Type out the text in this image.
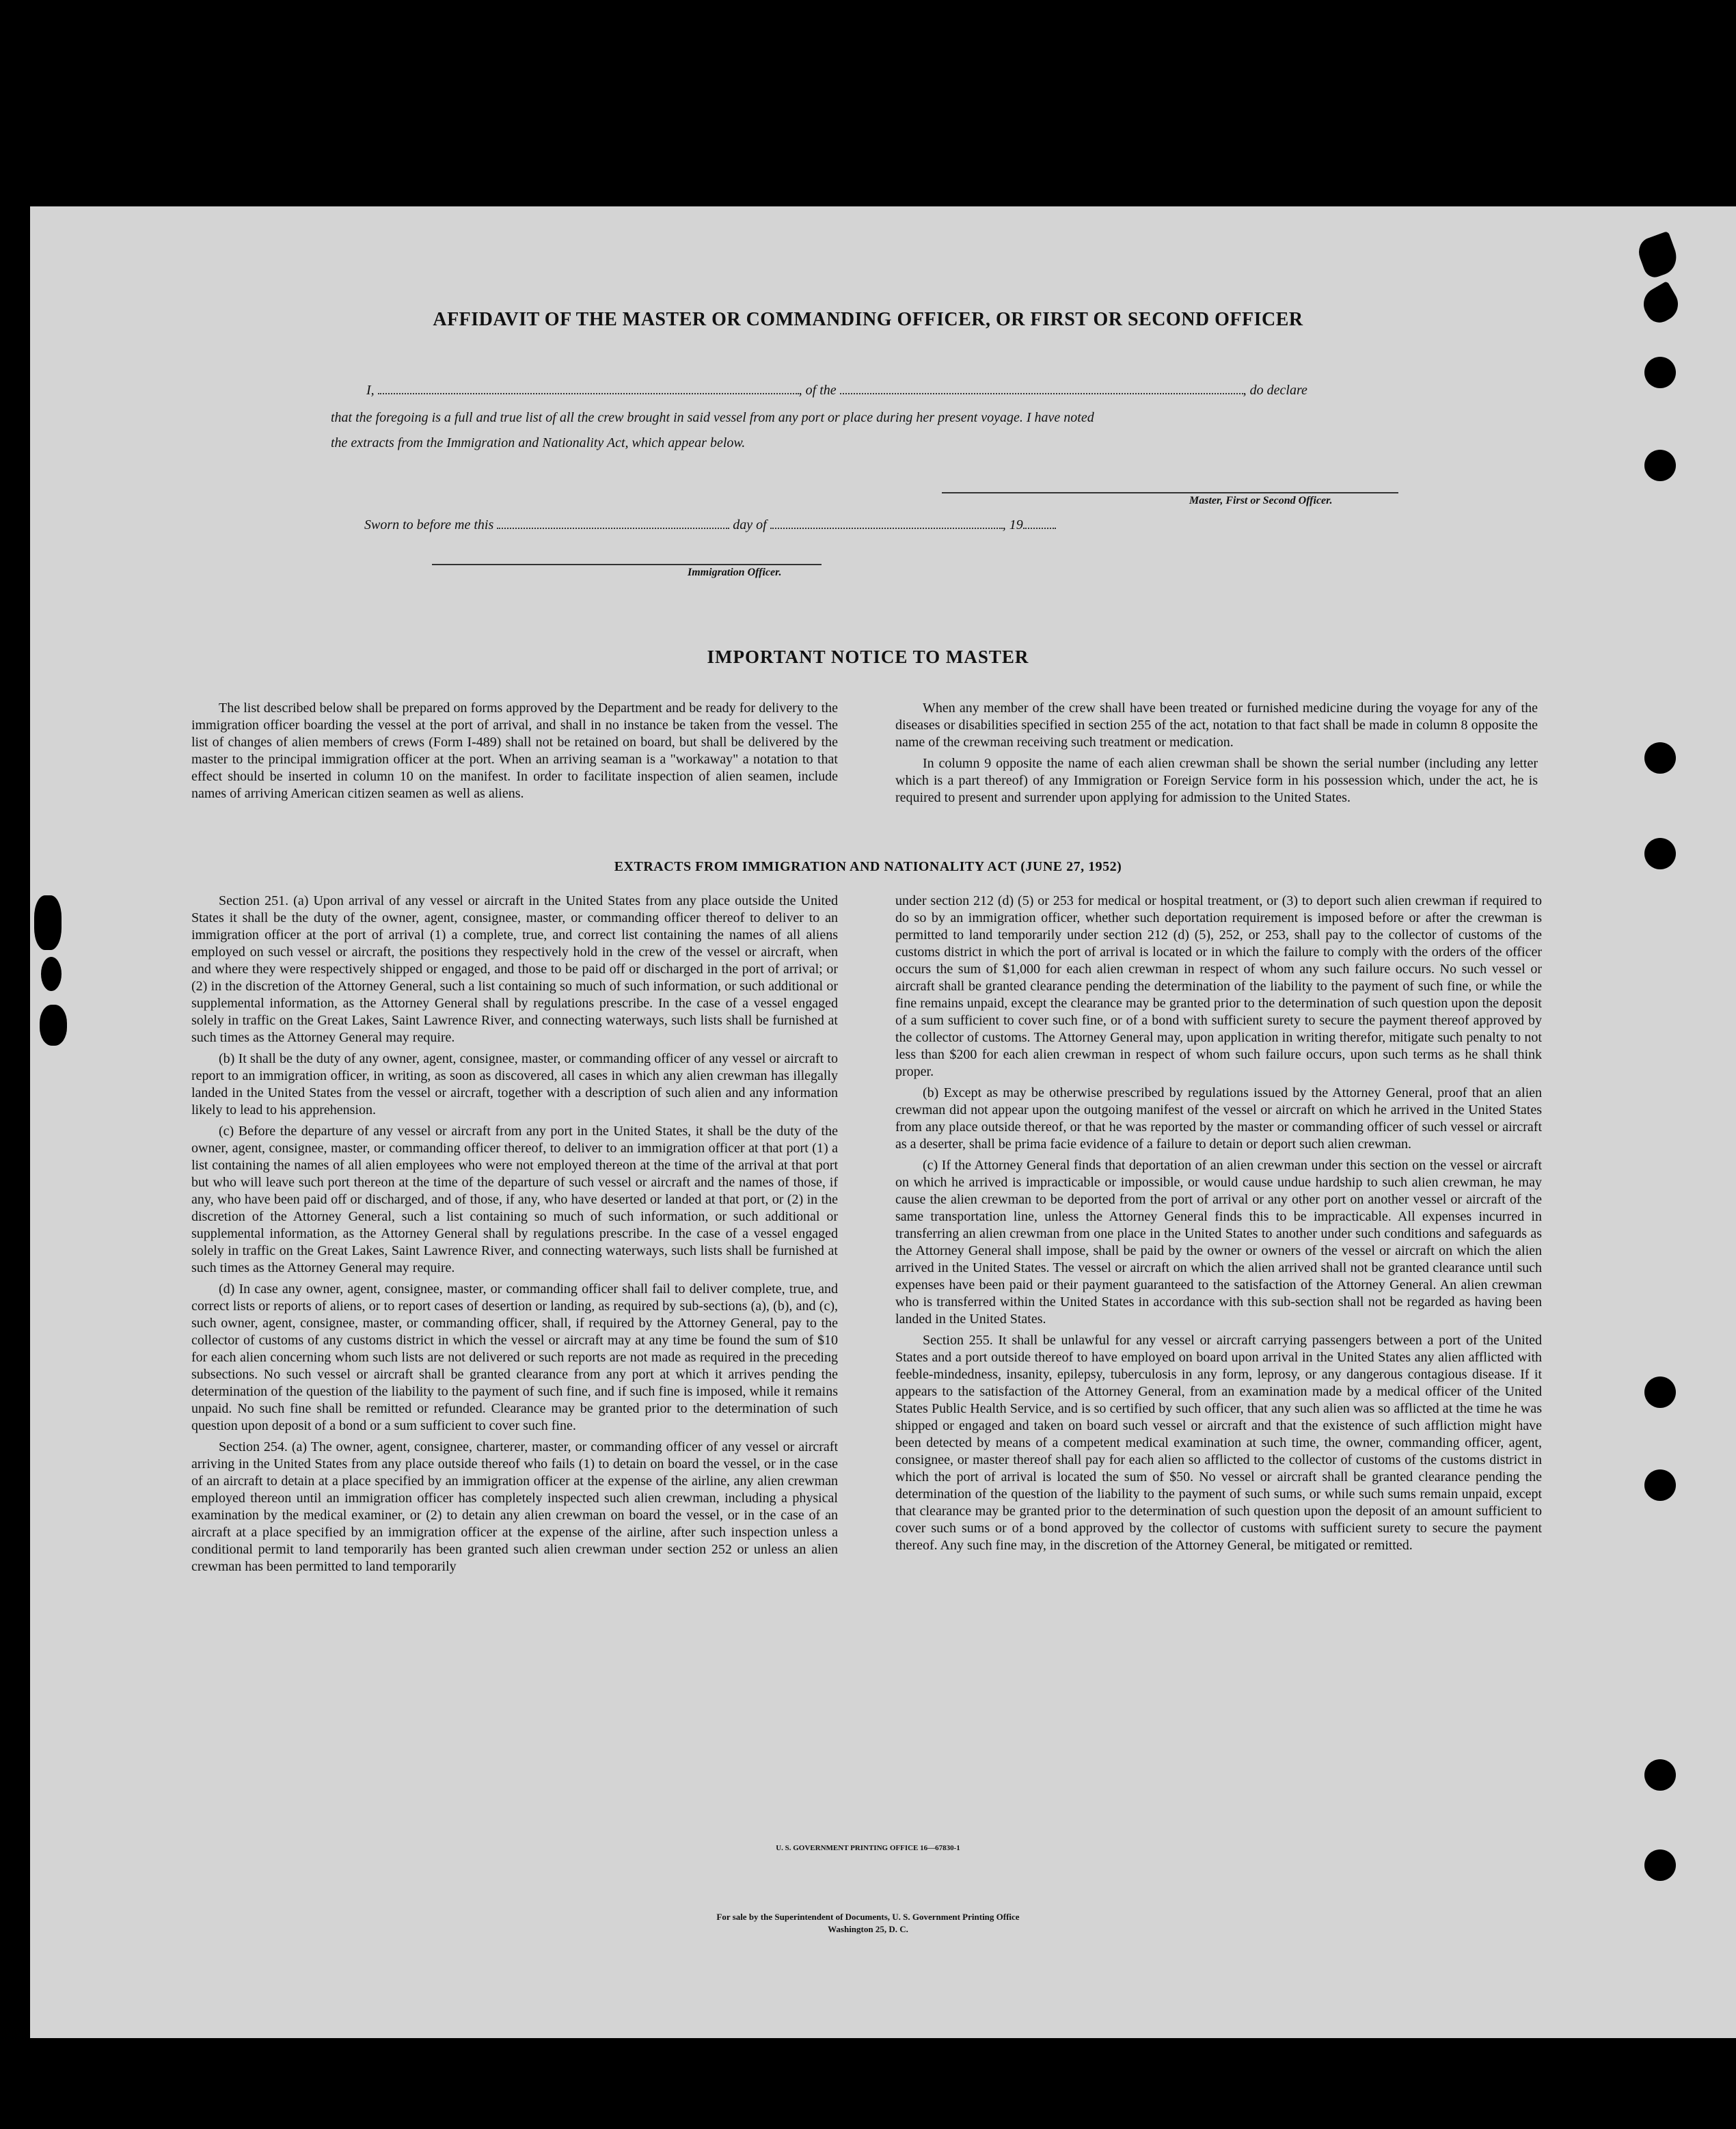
AFFIDAVIT OF THE MASTER OR COMMANDING OFFICER, OR FIRST OR SECOND OFFICER
I,	, of the	, do declare
that the foregoing is a full and true list of all the crew brought in said vessel from any port or place during her present voyage. I have noted
the extracts from the Immigration and Nationality Act, which appear below.
Master, First or Second Officer.
Sworn to before me this	day of	, 19
Immigration Officer.
IMPORTANT NOTICE TO MASTER

The list described below shall be prepared on forms approved by the Department and be ready for delivery to the immigration officer boarding the vessel at the port of arrival, and shall in no instance be taken from the vessel. The list of changes of alien members of crews (Form I-489) shall not be retained on board, but shall be delivered by the master to the principal immigration officer at the port. When an arriving seaman is a "workaway" a notation to that effect should be inserted in column 10 on the manifest. In order to facilitate inspection of alien seamen, include names of arriving American citizen seamen as well as aliens.

When any member of the crew shall have been treated or furnished medicine during the voyage for any of the diseases or disabilities specified in section 255 of the act, notation to that fact shall be made in column 8 opposite the name of the crewman receiving such treatment or medication.

In column 9 opposite the name of each alien crewman shall be shown the serial number (including any letter which is a part thereof) of any Immigration or Foreign Service form in his possession which, under the act, he is required to present and surrender upon applying for admission to the United States.

EXTRACTS FROM IMMIGRATION AND NATIONALITY ACT (JUNE 27, 1952)

Section 251. (a) Upon arrival of any vessel or aircraft in the United States from any place outside the United States it shall be the duty of the owner, agent, consignee, master, or commanding officer thereof to deliver to an immigration officer at the port of arrival (1) a complete, true, and correct list containing the names of all aliens employed on such vessel or aircraft, the positions they respectively hold in the crew of the vessel or aircraft, when and where they were respectively shipped or engaged, and those to be paid off or discharged in the port of arrival; or (2) in the discretion of the Attorney General, such a list containing so much of such information, or such additional or supplemental information, as the Attorney General shall by regulations prescribe. In the case of a vessel engaged solely in traffic on the Great Lakes, Saint Lawrence River, and connecting waterways, such lists shall be furnished at such times as the Attorney General may require.

(b) It shall be the duty of any owner, agent, consignee, master, or commanding officer of any vessel or aircraft to report to an immigration officer, in writing, as soon as discovered, all cases in which any alien crewman has illegally landed in the United States from the vessel or aircraft, together with a description of such alien and any information likely to lead to his apprehension.

(c) Before the departure of any vessel or aircraft from any port in the United States, it shall be the duty of the owner, agent, consignee, master, or commanding officer thereof, to deliver to an immigration officer at that port (1) a list containing the names of all alien employees who were not employed thereon at the time of the arrival at that port but who will leave such port thereon at the time of the departure of such vessel or aircraft and the names of those, if any, who have been paid off or discharged, and of those, if any, who have deserted or landed at that port, or (2) in the discretion of the Attorney General, such a list containing so much of such information, or such additional or supplemental information, as the Attorney General shall by regulations prescribe. In the case of a vessel engaged solely in traffic on the Great Lakes, Saint Lawrence River, and connecting waterways, such lists shall be furnished at such times as the Attorney General may require.

(d) In case any owner, agent, consignee, master, or commanding officer shall fail to deliver complete, true, and correct lists or reports of aliens, or to report cases of desertion or landing, as required by sub-sections (a), (b), and (c), such owner, agent, consignee, master, or commanding officer, shall, if required by the Attorney General, pay to the collector of customs of any customs district in which the vessel or aircraft may at any time be found the sum of $10 for each alien concerning whom such lists are not delivered or such reports are not made as required in the preceding subsections. No such vessel or aircraft shall be granted clearance from any port at which it arrives pending the determination of the question of the liability to the payment of such fine, and if such fine is imposed, while it remains unpaid. No such fine shall be remitted or refunded. Clearance may be granted prior to the determination of such question upon deposit of a bond or a sum sufficient to cover such fine.

Section 254. (a) The owner, agent, consignee, charterer, master, or commanding officer of any vessel or aircraft arriving in the United States from any place outside thereof who fails (1) to detain on board the vessel, or in the case of an aircraft to detain at a place specified by an immigration officer at the expense of the airline, any alien crewman employed thereon until an immigration officer has completely inspected such alien crewman, including a physical examination by the medical examiner, or (2) to detain any alien crewman on board the vessel, or in the case of an aircraft at a place specified by an immigration officer at the expense of the airline, after such inspection unless a conditional permit to land temporarily has been granted such alien crewman under section 252 or unless an alien crewman has been permitted to land temporarily

under section 212 (d) (5) or 253 for medical or hospital treatment, or (3) to deport such alien crewman if required to do so by an immigration officer, whether such deportation requirement is imposed before or after the crewman is permitted to land temporarily under section 212 (d) (5), 252, or 253, shall pay to the collector of customs of the customs district in which the port of arrival is located or in which the failure to comply with the orders of the officer occurs the sum of $1,000 for each alien crewman in respect of whom any such failure occurs. No such vessel or aircraft shall be granted clearance pending the determination of the liability to the payment of such fine, or while the fine remains unpaid, except the clearance may be granted prior to the determination of such question upon the deposit of a sum sufficient to cover such fine, or of a bond with sufficient surety to secure the payment thereof approved by the collector of customs. The Attorney General may, upon application in writing therefor, mitigate such penalty to not less than $200 for each alien crewman in respect of whom such failure occurs, upon such terms as he shall think proper.

(b) Except as may be otherwise prescribed by regulations issued by the Attorney General, proof that an alien crewman did not appear upon the outgoing manifest of the vessel or aircraft on which he arrived in the United States from any place outside thereof, or that he was reported by the master or commanding officer of such vessel or aircraft as a deserter, shall be prima facie evidence of a failure to detain or deport such alien crewman.

(c) If the Attorney General finds that deportation of an alien crewman under this section on the vessel or aircraft on which he arrived is impracticable or impossible, or would cause undue hardship to such alien crewman, he may cause the alien crewman to be deported from the port of arrival or any other port on another vessel or aircraft of the same transportation line, unless the Attorney General finds this to be impracticable. All expenses incurred in transferring an alien crewman from one place in the United States to another under such conditions and safeguards as the Attorney General shall impose, shall be paid by the owner or owners of the vessel or aircraft on which the alien arrived in the United States. The vessel or aircraft on which the alien arrived shall not be granted clearance until such expenses have been paid or their payment guaranteed to the satisfaction of the Attorney General. An alien crewman who is transferred within the United States in accordance with this sub-section shall not be regarded as having been landed in the United States.

Section 255. It shall be unlawful for any vessel or aircraft carrying passengers between a port of the United States and a port outside thereof to have employed on board upon arrival in the United States any alien afflicted with feeble-mindedness, insanity, epilepsy, tuberculosis in any form, leprosy, or any dangerous contagious disease. If it appears to the satisfaction of the Attorney General, from an examination made by a medical officer of the United States Public Health Service, and is so certified by such officer, that any such alien was so afflicted at the time he was shipped or engaged and taken on board such vessel or aircraft and that the existence of such affliction might have been detected by means of a competent medical examination at such time, the owner, commanding officer, agent, consignee, or master thereof shall pay for each alien so afflicted to the collector of customs of the customs district in which the port of arrival is located the sum of $50. No vessel or aircraft shall be granted clearance pending the determination of the question of the liability to the payment of such sums, or while such sums remain unpaid, except that clearance may be granted prior to the determination of such question upon the deposit of an amount sufficient to cover such sums or of a bond approved by the collector of customs with sufficient surety to secure the payment thereof. Any such fine may, in the discretion of the Attorney General, be mitigated or remitted.

U. S. GOVERNMENT PRINTING OFFICE 16—67830-1
For sale by the Superintendent of Documents, U. S. Government Printing Office
Washington 25, D. C.
